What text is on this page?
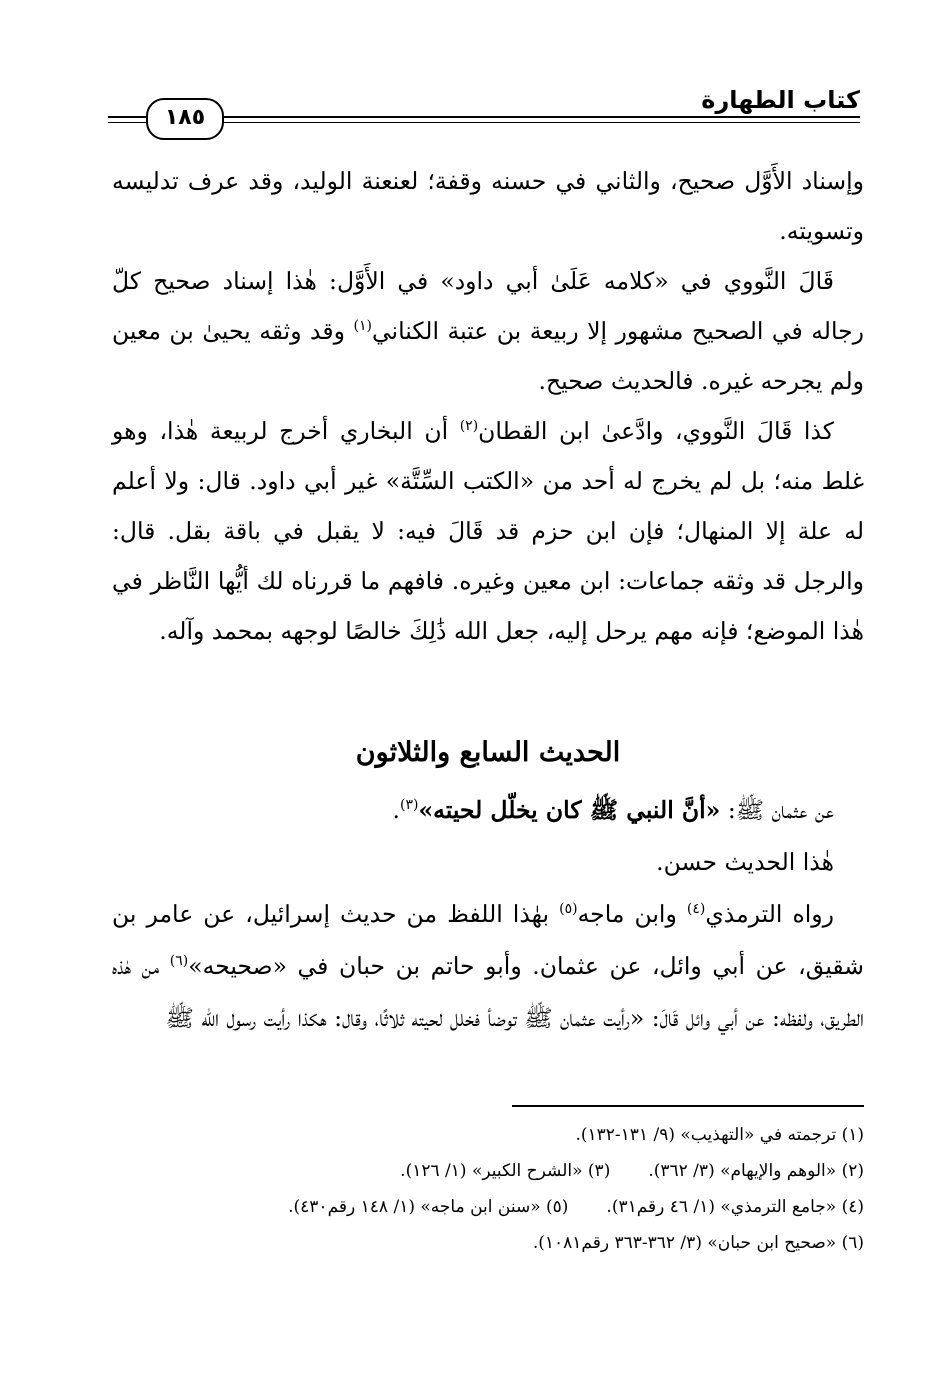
كتاب الطهارة
١٨٥

وإسناد الأَوَّل صحيح، والثاني في حسنه وقفة؛ لعنعنة الوليد، وقد عرف تدليسه وتسويته.

قَالَ النَّووي في «كلامه عَلَىٰ أبي داود» في الأَوَّل: هٰذا إسناد صحيح كلّ رجاله في الصحيح مشهور إلا ربيعة بن عتبة الكناني$^{(١)}$ وقد وثقه يحيىٰ بن معين ولم يجرحه غيره. فالحديث صحيح.

كذا قَالَ النَّووي، وادَّعىٰ ابن القطان$^{(٢)}$ أن البخاري أخرج لربيعة هٰذا، وهو غلط منه؛ بل لم يخرج له أحد من «الكتب السِّتَّة» غير أبي داود. قال: ولا أعلم له علة إلا المنهال؛ فإن ابن حزم قد قَالَ فيه: لا يقبل في باقة بقل. قال: والرجل قد وثقه جماعات: ابن معين وغيره. فافهم ما قررناه لك أيُّها النَّاظر في هٰذا الموضع؛ فإنه مهم يرحل إليه، جعل الله ذَٰلِكَ خالصًا لوجهه بمحمد وآله.

الحديث السابع والثلاثون

عن عثمان ﷺ: «أنَّ النبي ﷺ كان يخلّل لحيته»$^{(٣)}$.

هٰذا الحديث حسن.

رواه الترمذي$^{(٤)}$ وابن ماجه$^{(٥)}$ بهٰذا اللفظ من حديث إسرائيل، عن عامر بن شقيق، عن أبي وائل، عن عثمان. وأبو حاتم بن حبان في «صحيحه»$^{(٦)}$ من هٰذه الطريق، ولفظه: عن أبي وائل قَالَ: «رأيت عثمان ﷺ توضأ فخلل لحيته ثلاثًا، وقال: هكذا رأيت رسول الله ﷺ

(١) ترجمته في «التهذيب» (٩/ ١٣١-١٣٢).
(٢) «الوهم والإيهام» (٣/ ٣٦٢).(٣) «الشرح الكبير» (١/ ١٢٦).
(٤) «جامع الترمذي» (١/ ٤٦ رقم٣١).(٥) «سنن ابن ماجه» (١/ ١٤٨ رقم٤٣٠).
(٦) «صحيح ابن حبان» (٣/ ٣٦٢-٣٦٣ رقم١٠٨١).
